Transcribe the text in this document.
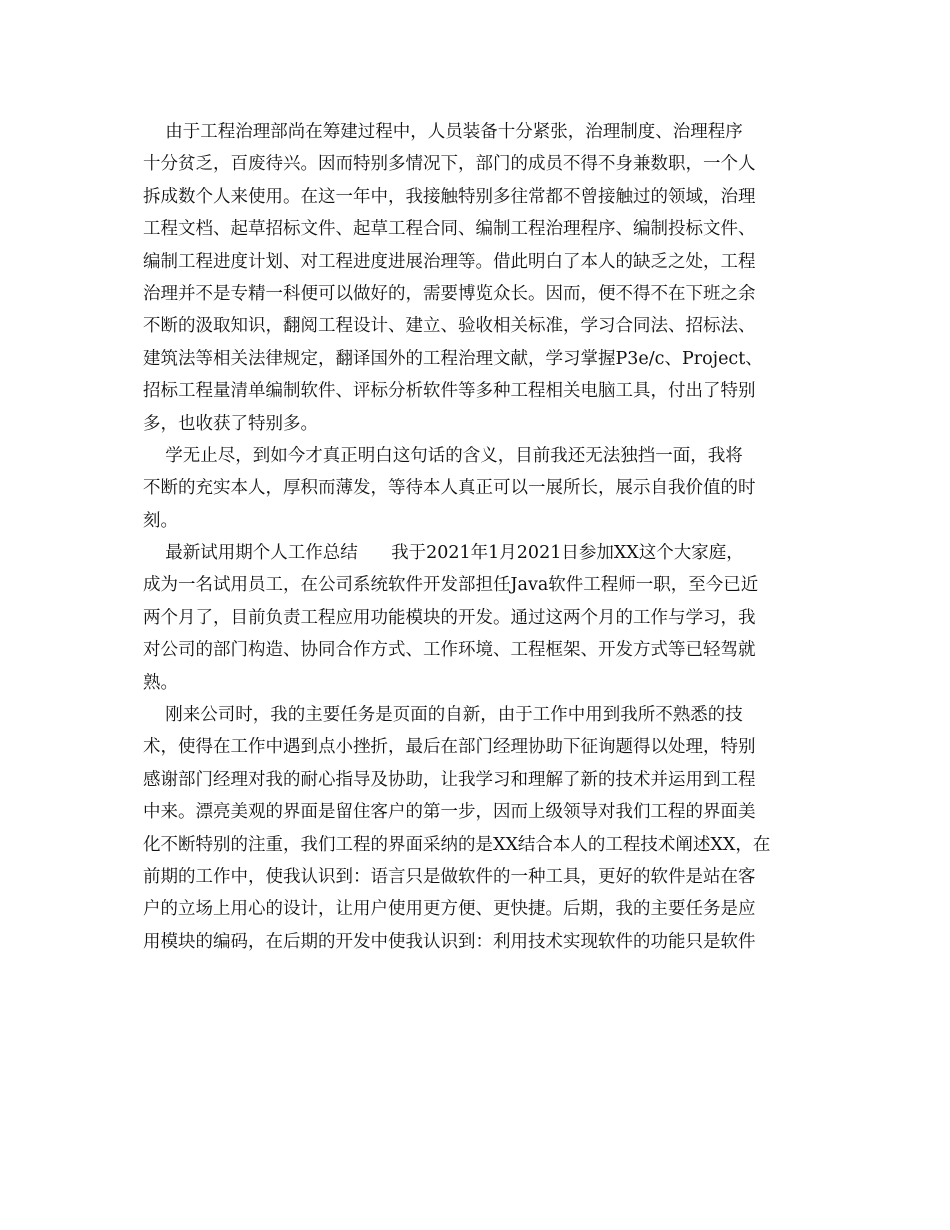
由于工程治理部尚在筹建过程中，人员装备十分紧张，治理制度、治理程序
十分贫乏，百废待兴。因而特别多情况下，部门的成员不得不身兼数职，一个人
拆成数个人来使用。在这一年中，我接触特别多往常都不曾接触过的领域，治理
工程文档、起草招标文件、起草工程合同、编制工程治理程序、编制投标文件、
编制工程进度计划、对工程进度进展治理等。借此明白了本人的缺乏之处，工程
治理并不是专精一科便可以做好的，需要博览众长。因而，便不得不在下班之余
不断的汲取知识，翻阅工程设计、建立、验收相关标准，学习合同法、招标法、
建筑法等相关法律规定，翻译国外的工程治理文献，学习掌握P3e/c、Project、
招标工程量清单编制软件、评标分析软件等多种工程相关电脑工具，付出了特别
多，也收获了特别多。
学无止尽，到如今才真正明白这句话的含义，目前我还无法独挡一面，我将
不断的充实本人，厚积而薄发，等待本人真正可以一展所长，展示自我价值的时
刻。
最新试用期个人工作总结      我于2021年1月2021日参加XX这个大家庭，
成为一名试用员工，在公司系统软件开发部担任Java软件工程师一职，至今已近
两个月了，目前负责工程应用功能模块的开发。通过这两个月的工作与学习，我
对公司的部门构造、协同合作方式、工作环境、工程框架、开发方式等已轻驾就
熟。
刚来公司时，我的主要任务是页面的自新，由于工作中用到我所不熟悉的技
术，使得在工作中遇到点小挫折，最后在部门经理协助下征询题得以处理，特别
感谢部门经理对我的耐心指导及协助，让我学习和理解了新的技术并运用到工程
中来。漂亮美观的界面是留住客户的第一步，因而上级领导对我们工程的界面美
化不断特别的注重，我们工程的界面采纳的是XX结合本人的工程技术阐述XX，在
前期的工作中，使我认识到：语言只是做软件的一种工具，更好的软件是站在客
户的立场上用心的设计，让用户使用更方便、更快捷。后期，我的主要任务是应
用模块的编码，在后期的开发中使我认识到：利用技术实现软件的功能只是软件
